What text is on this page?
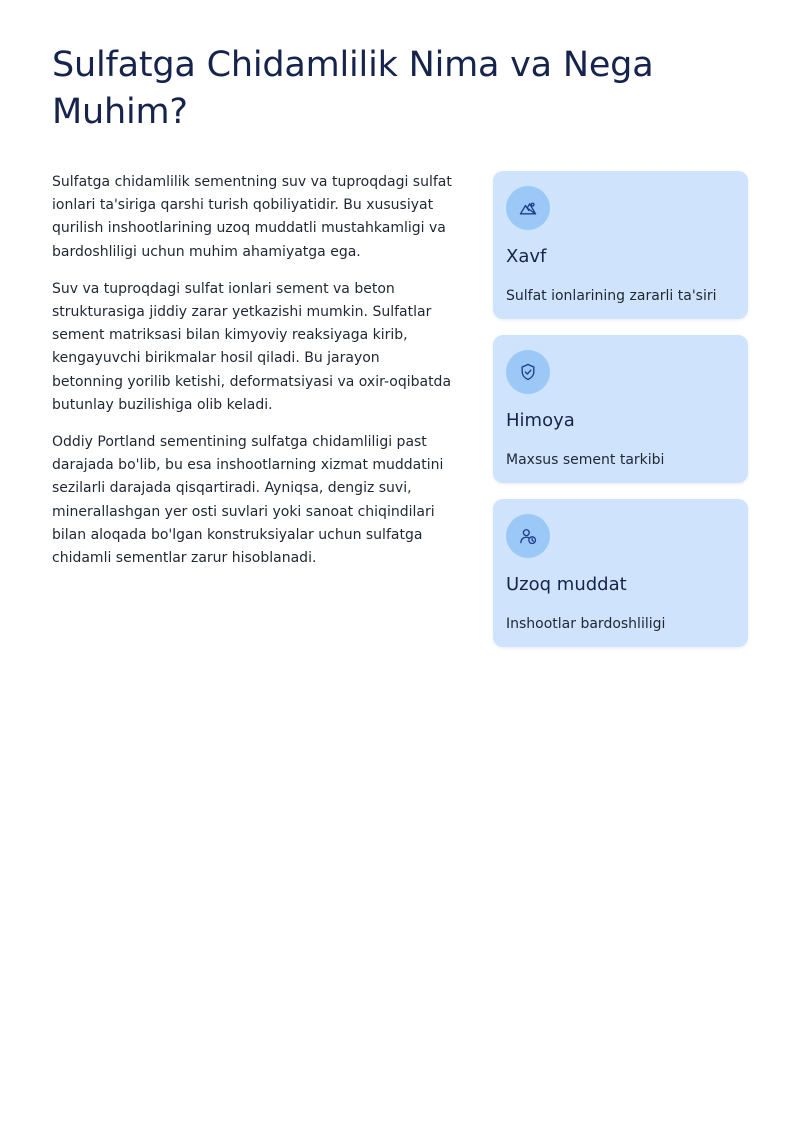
Sulfatga Chidamlilik Nima va Nega Muhim?

Sulfatga chidamlilik sementning suv va tuproqdagi sulfat ionlari ta'siriga qarshi turish qobiliyatidir. Bu xususiyat qurilish inshootlarining uzoq muddatli mustahkamligi va bardoshliligi uchun muhim ahamiyatga ega.

Suv va tuproqdagi sulfat ionlari sement va beton strukturasiga jiddiy zarar yetkazishi mumkin. Sulfatlar sement matriksasi bilan kimyoviy reaksiyaga kirib, kengayuvchi birikmalar hosil qiladi. Bu jarayon betonning yorilib ketishi, deformatsiyasi va oxir-oqibatda butunlay buzilishiga olib keladi.

Oddiy Portland sementining sulfatga chidamliligi past darajada bo'lib, bu esa inshootlarning xizmat muddatini sezilarli darajada qisqartiradi. Ayniqsa, dengiz suvi, minerallashgan yer osti suvlari yoki sanoat chiqindilari bilan aloqada bo'lgan konstruksiyalar uchun sulfatga chidamli sementlar zarur hisoblanadi.

Xavf

Sulfat ionlarining zararli ta'siri

Himoya

Maxsus sement tarkibi

Uzoq muddat

Inshootlar bardoshliligi
